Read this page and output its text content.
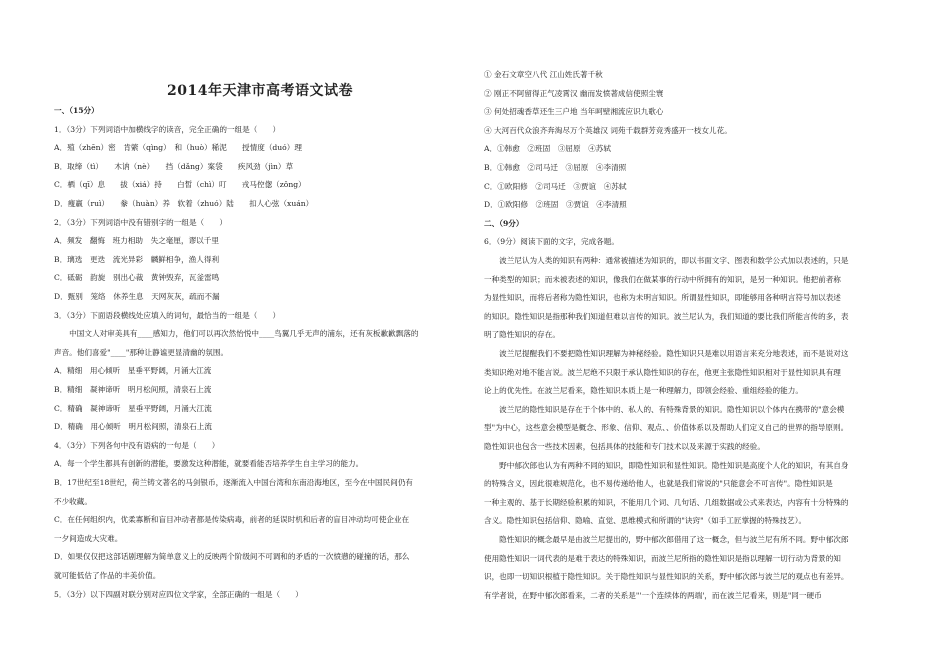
2014年天津市高考语文试卷
一、（15分）
1．（3分）下列词语中加横线字的读音，完全正确的一组是（　　）
A．殖（zhēn）密　肯綮（qìng）　和（huò）稀泥　　授情度（duó）理
B．取缔（tì）　　木讷（nè）　　挡（dǎng）案袋　　疾风劲（jìn）草
C．栖（qī）息　　拔（xiá）持　　白皙（chì）叮　　戎马倥偬（zǒng）
D．瘦羸（ruì）　　豢（huàn）养　软着（zhuó）陆　　扣人心弦（xuán）
2．（3分）下列词语中没有错别字的一组是（　　）
A．频发　翻悔　班力相助　失之毫厘，谬以千里
B．璃选　更迭　流光异彩　麟鲜相争，渔人得利
C．砥砺　韵旋　别出心裁　黄钟毁弃，瓦釜雷鸣
D．甄别　笼络　休养生息　天网灰灰，疏而不漏
3．（3分）下面语段横线处应填入的词句，最恰当的一组是（　　）
　　中国文人对审美具有____感知力，他们可以再次然怡悦中____鸟翼几乎无声的浦东，还有灰板歉歉飘落的
声音。他们喜爱"____"那种让静谧更显清幽的氛围。
A．精细　用心倾听　星垂平野阔，月涌大江流
B．精细　凝神谛听　明月松间照，清泉石上流
C．精确　凝神谛听　星垂平野阔，月涌大江流
D．精确　用心倾听　明月松间照，清泉石上流
4．（3分）下列各句中没有语病的一句是（　　）
A．每一个学生都具有创新的潜能，要激发这种潜能，就要看能否培养学生自主学习的能力。
B．17世纪至18世纪，荷兰铸文著名的马剑银币，逐渐流入中国台湾和东南沿海地区，至今在中国民间仍有
不少收藏。
C．在任何组织内，优柔寡断和盲目冲动者都是传染病毒，前者的延误时机和后者的盲目冲动均可使企业在
一夕间造成大灾难。
D．如果仅仅把这部话剧理解为简单意义上的反映两个阶级间不可调和的矛盾的一次愤懑的碰撞的话，那么
就可能低估了作品的丰美价值。
5．（3分）以下四副对联分别对应四位文学家，全部正确的一组是（　　）
① 金石文章空八代 江山姓氏著千秋
② 刚正不阿留得正气凌霄汉 幽而发愤著成信使照尘寰
③ 何处招魂香草还生三户地 当年呵壁湘流应识九歌心
④ 大河百代众浪齐奔淘尽万个英雄汉 词苑千载群芳竞秀盛开一枝女儿花。
A．①韩愈　②班固　③屈原　④苏轼
B．①韩愈　②司马迁　③屈原　④李清照
C．①欧阳修　②司马迁　③贾谊　④苏轼
D．①欧阳修　②班固　③贾谊　④李清照
二、（9分）
6．（9分）阅读下面的文字，完成各题。
　　波兰尼认为人类的知识有两种：通常被描述为知识的，即以书面文字、图表和数学公式加以表述的，只是
一种类型的知识；而未被表述的知识，像我们在做某事的行动中所拥有的知识，是另一种知识。他把前者称
为显性知识，而将后者称为隐性知识，也称为未明言知识。所谓显性知识，即能够用各种明言符号加以表述
的知识。隐性知识是指那种我们知道但难以言传的知识。波兰尼认为，我们知道的要比我们所能言传的多，表
明了隐性知识的存在。
　　波兰尼提醒我们不要把隐性知识理解为神秘经验。隐性知识只是难以用语言来充分地表述，而不是说对这
类知识绝对地不能言说。波兰尼绝不只限于承认隐性知识的存在，他更主张隐性知识相对于显性知识具有理
论上的优先性。在波兰尼看来，隐性知识本质上是一种理解力，即领会经验、重组经验的能力。
　　波兰尼的隐性知识是存在于个体中的、私人的、有特殊背景的知识。隐性知识以个体内在携带的"意会模
型"为中心，这些意会模型是概念、形象、信仰、观点、、价值体系以及帮助人们定义自己的世界的指导原则。
隐性知识也包含一些技术因素，包括具体的技能和专门技术以及来源于实践的经验。
　　野中郁次郎也认为有两种不同的知识，即隐性知识和显性知识。隐性知识是高度个人化的知识，有其自身
的特殊含义，因此很难规范化，也不易传递给他人，也就是我们常说的"只能意会不可言传"。隐性知识是
一种主观的、基于长期经验积累的知识，不能用几个词、几句话、几组数据或公式来表达，内容有十分特殊的
含义。隐性知识包括信仰、隐喻、直觉、思维模式和所谓的"诀窍"（如手工匠掌握的特殊技艺）。
　　隐性知识的概念最早是由波兰尼提出的，野中郁次郎借用了这一概念，但与波兰尼有所不同。野中郁次郎
使用隐性知识一词代表的是难于表达的特殊知识，而波兰尼所指的隐性知识是指以理解一切行动为背景的知
识，也即一切知识根植于隐性知识。关于隐性知识与显性知识的关系，野中郁次郎与波兰尼的观点也有差异。
有学者说，在野中郁次郎看来，二者的关系是"'一个连续体的两端'，而在波兰尼看来，则是"同一硬币
